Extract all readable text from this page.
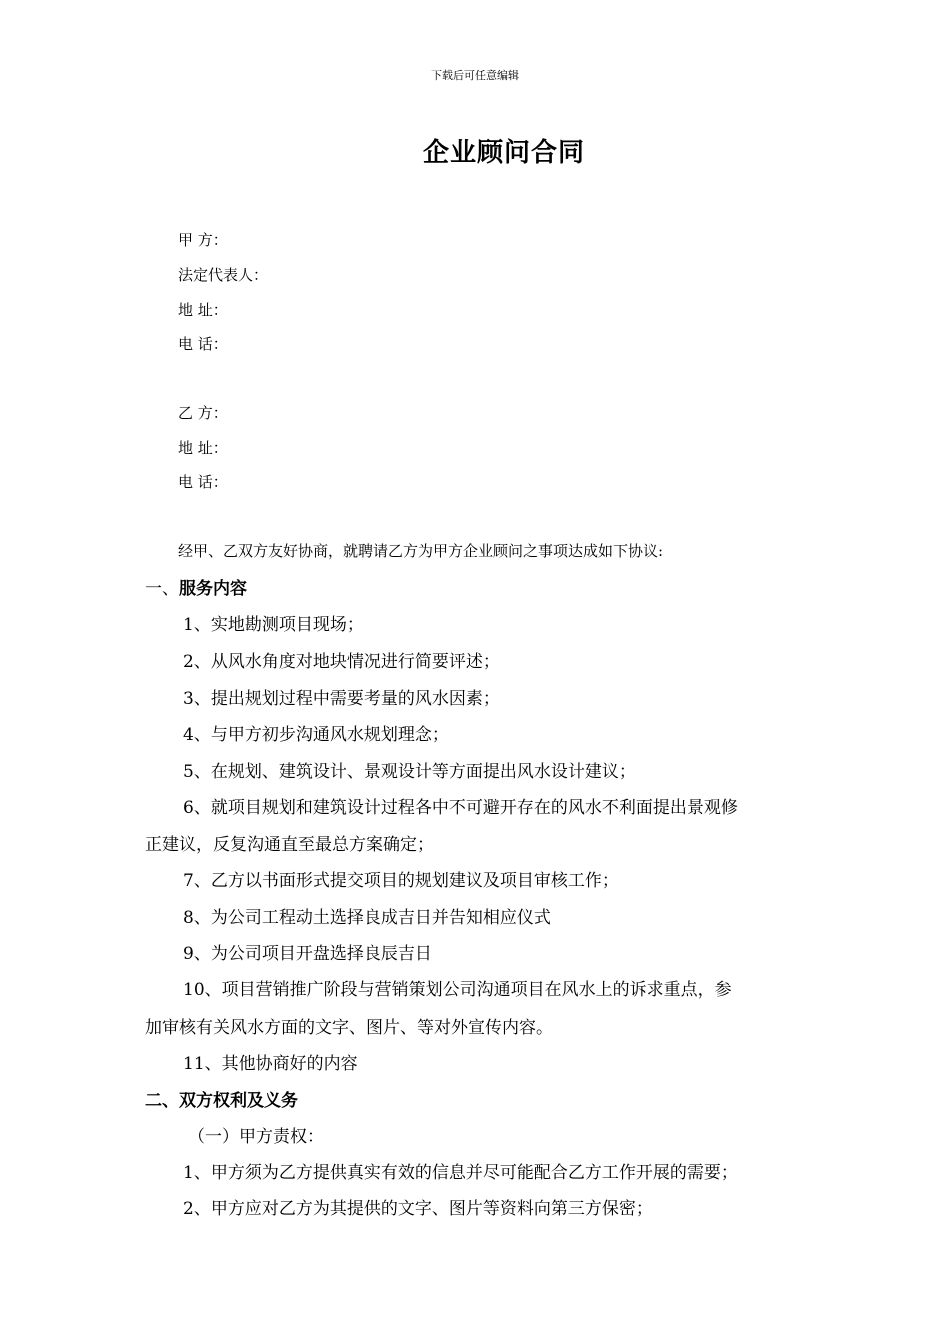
下载后可任意编辑
企业顾问合同
甲 方：
法定代表人：
地 址：
电 话：
乙 方：
地 址：
电 话：
经甲、乙双方友好协商，就聘请乙方为甲方企业顾问之事项达成如下协议:
一、服务内容
1、实地勘测项目现场；
2、从风水角度对地块情况进行简要评述；
3、提出规划过程中需要考量的风水因素；
4、与甲方初步沟通风水规划理念；
5、在规划、建筑设计、景观设计等方面提出风水设计建议；
6、就项目规划和建筑设计过程各中不可避开存在的风水不利面提出景观修
正建议，反复沟通直至最总方案确定；
7、乙方以书面形式提交项目的规划建议及项目审核工作；
8、为公司工程动土选择良成吉日并告知相应仪式
9、为公司项目开盘选择良辰吉日
10、项目营销推广阶段与营销策划公司沟通项目在风水上的诉求重点，参
加审核有关风水方面的文字、图片、等对外宣传内容。
11、其他协商好的内容
二、双方权利及义务
（一）甲方责权：
1、甲方须为乙方提供真实有效的信息并尽可能配合乙方工作开展的需要；
2、甲方应对乙方为其提供的文字、图片等资料向第三方保密；
